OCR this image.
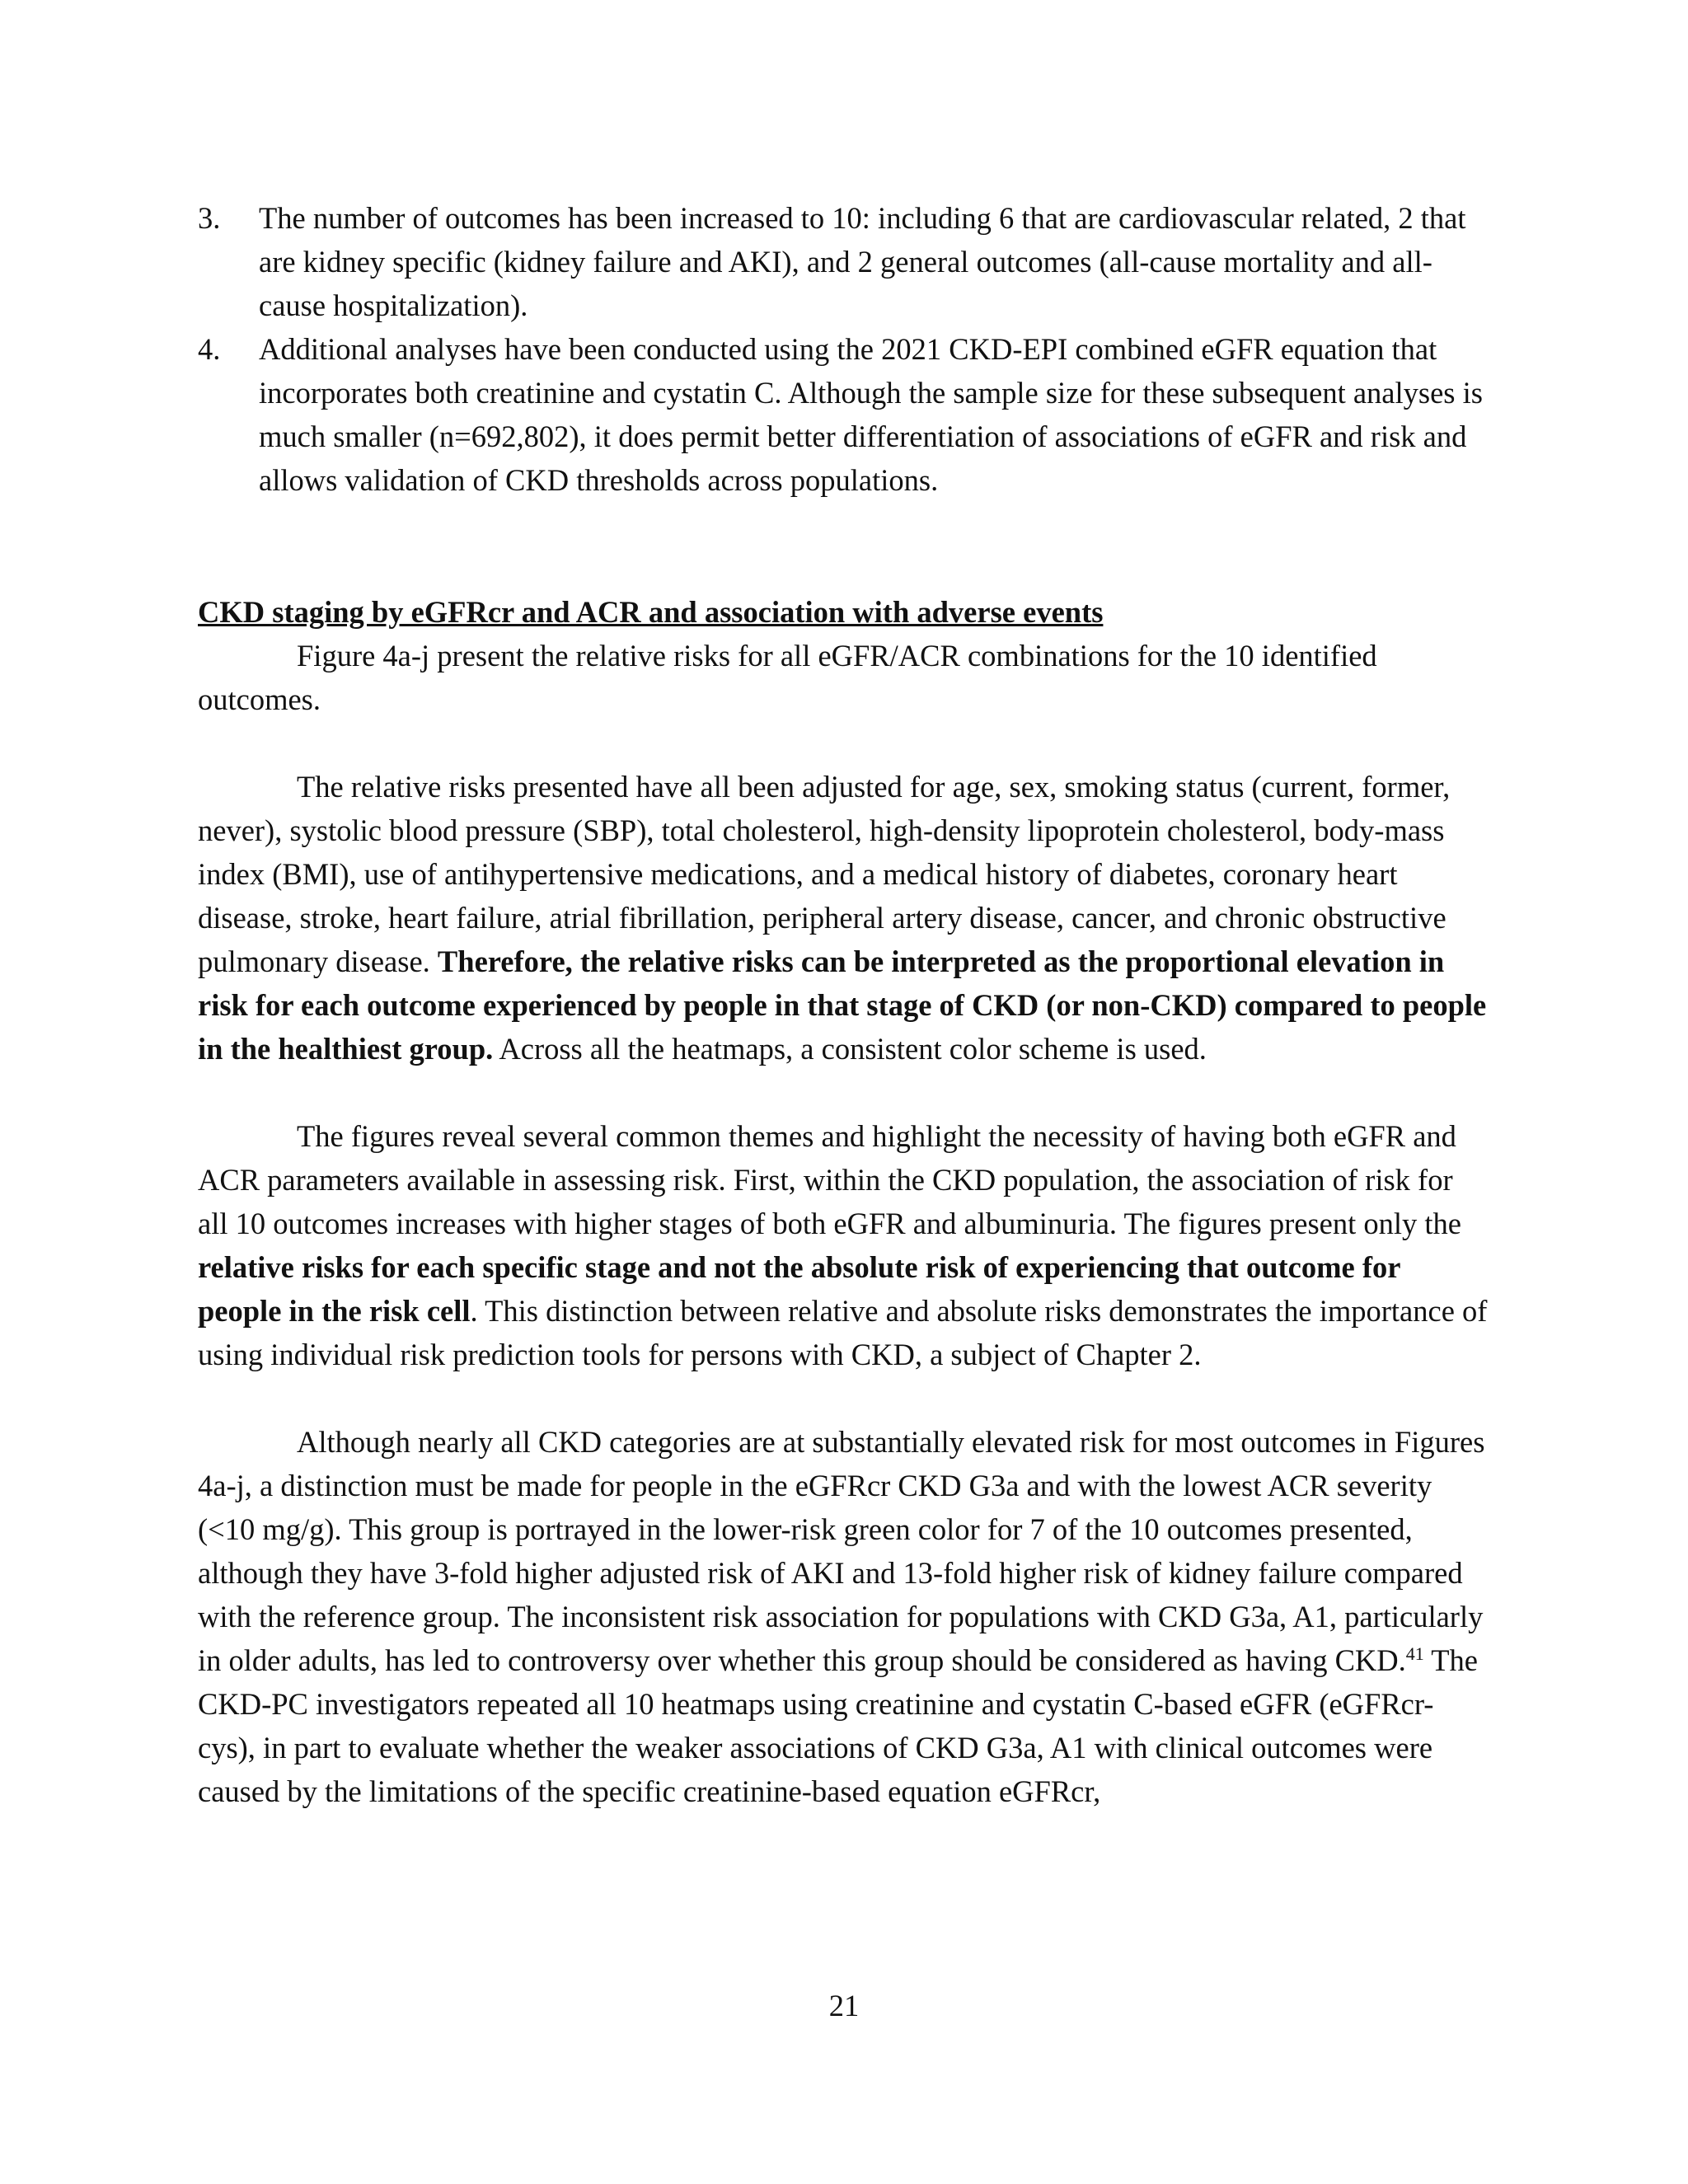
3. The number of outcomes has been increased to 10: including 6 that are cardiovascular related, 2 that are kidney specific (kidney failure and AKI), and 2 general outcomes (all-cause mortality and all-cause hospitalization).
4. Additional analyses have been conducted using the 2021 CKD-EPI combined eGFR equation that incorporates both creatinine and cystatin C. Although the sample size for these subsequent analyses is much smaller (n=692,802), it does permit better differentiation of associations of eGFR and risk and allows validation of CKD thresholds across populations.

CKD staging by eGFRcr and ACR and association with adverse events

Figure 4a-j present the relative risks for all eGFR/ACR combinations for the 10 identified outcomes.

The relative risks presented have all been adjusted for age, sex, smoking status (current, former, never), systolic blood pressure (SBP), total cholesterol, high-density lipoprotein cholesterol, body-mass index (BMI), use of antihypertensive medications, and a medical history of diabetes, coronary heart disease, stroke, heart failure, atrial fibrillation, peripheral artery disease, cancer, and chronic obstructive pulmonary disease. Therefore, the relative risks can be interpreted as the proportional elevation in risk for each outcome experienced by people in that stage of CKD (or non-CKD) compared to people in the healthiest group. Across all the heatmaps, a consistent color scheme is used.

The figures reveal several common themes and highlight the necessity of having both eGFR and ACR parameters available in assessing risk. First, within the CKD population, the association of risk for all 10 outcomes increases with higher stages of both eGFR and albuminuria. The figures present only the relative risks for each specific stage and not the absolute risk of experiencing that outcome for people in the risk cell. This distinction between relative and absolute risks demonstrates the importance of using individual risk prediction tools for persons with CKD, a subject of Chapter 2.

Although nearly all CKD categories are at substantially elevated risk for most outcomes in Figures 4a-j, a distinction must be made for people in the eGFRcr CKD G3a and with the lowest ACR severity (<10 mg/g). This group is portrayed in the lower-risk green color for 7 of the 10 outcomes presented, although they have 3-fold higher adjusted risk of AKI and 13-fold higher risk of kidney failure compared with the reference group. The inconsistent risk association for populations with CKD G3a, A1, particularly in older adults, has led to controversy over whether this group should be considered as having CKD.$^{41}$ The CKD-PC investigators repeated all 10 heatmaps using creatinine and cystatin C-based eGFR (eGFRcr-cys), in part to evaluate whether the weaker associations of CKD G3a, A1 with clinical outcomes were caused by the limitations of the specific creatinine-based equation eGFRcr,

21
